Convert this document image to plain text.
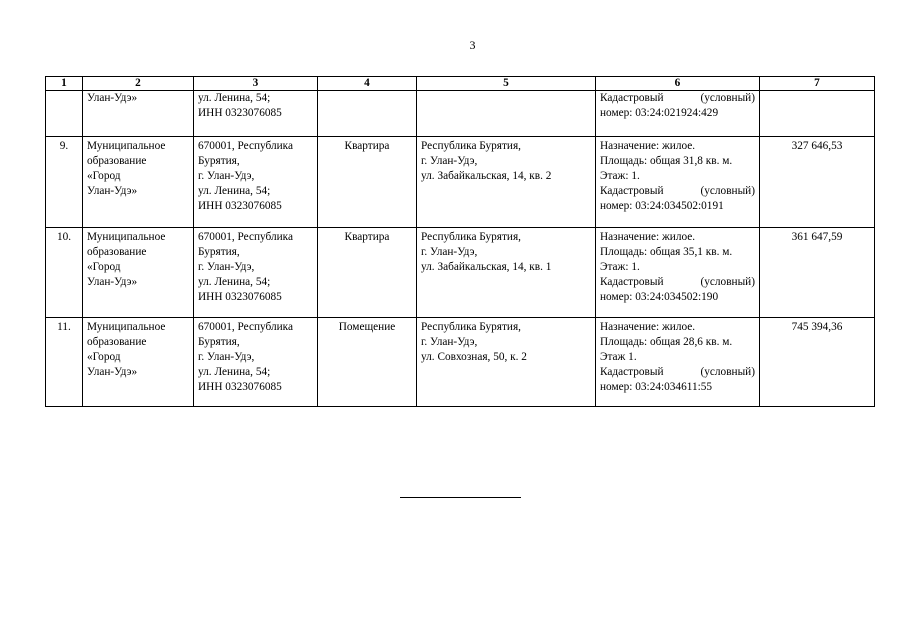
3
1	2	3	4	5	6	7

	Улан-Удэ»	ул. Ленина, 54;
ИНН 0323076085			Кадастровый (условный)
номер: 03:24:021924:429	

9.	Муниципальное
образование
«Город
Улан-Удэ»	670001, Республика
Бурятия,
г. Улан-Удэ,
ул. Ленина, 54;
ИНН 0323076085	Квартира	Республика Бурятия,
г. Улан-Удэ,
ул. Забайкальская, 14, кв. 2	Назначение: жилое.
Площадь: общая 31,8 кв. м.
Этаж: 1.
Кадастровый (условный)
номер: 03:24:034502:0191	327 646,53
10.	Муниципальное
образование
«Город
Улан-Удэ»	670001, Республика
Бурятия,
г. Улан-Удэ,
ул. Ленина, 54;
ИНН 0323076085	Квартира	Республика Бурятия,
г. Улан-Удэ,
ул. Забайкальская, 14, кв. 1	Назначение: жилое.
Площадь: общая 35,1 кв. м.
Этаж: 1.
Кадастровый (условный)
номер: 03:24:034502:190	361 647,59
11.	Муниципальное
образование
«Город
Улан-Удэ»	670001, Республика
Бурятия,
г. Улан-Удэ,
ул. Ленина, 54;
ИНН 0323076085	Помещение	Республика Бурятия,
г. Улан-Удэ,
ул. Совхозная, 50, к. 2	Назначение: жилое.
Площадь: общая 28,6 кв. м.
Этаж 1.
Кадастровый (условный)
номер: 03:24:034611:55	745 394,36
